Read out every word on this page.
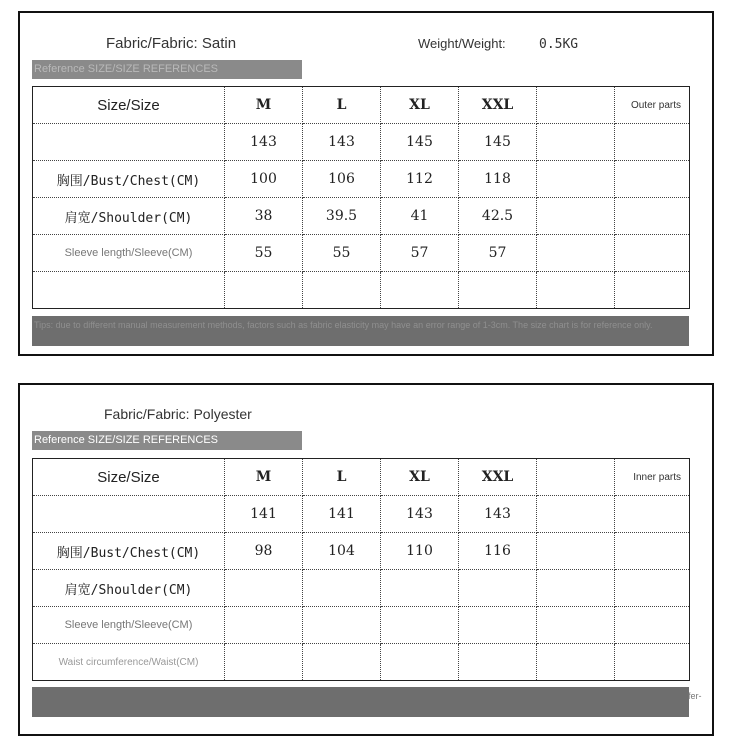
Fabric/Fabric: Satin	Weight/Weight:	0.5KG
Reference SIZE/SIZE REFERENCES
Size/Size	M	L	XL	XXL		Outer parts
	143	143	145	145		
胸围/Bust/Chest(CM)	100	106	112	118		
肩宽/Shoulder(CM)	38	39.5	41	42.5		
Sleeve length/Sleeve(CM)	55	55	57	57		

Tips: due to different manual measurement methods, factors such as fabric elasticity may have an error range of 1-3cm. The size chart is for reference only.
Fabric/Fabric: Polyester
Reference SIZE/SIZE REFERENCES
Size/Size	M	L	XL	XXL		Inner parts
	141	141	143	143		
胸围/Bust/Chest(CM)	98	104	110	116		
肩宽/Shoulder(CM)						
Sleeve length/Sleeve(CM)						
Waist circumference/Waist(CM)						
fer-
